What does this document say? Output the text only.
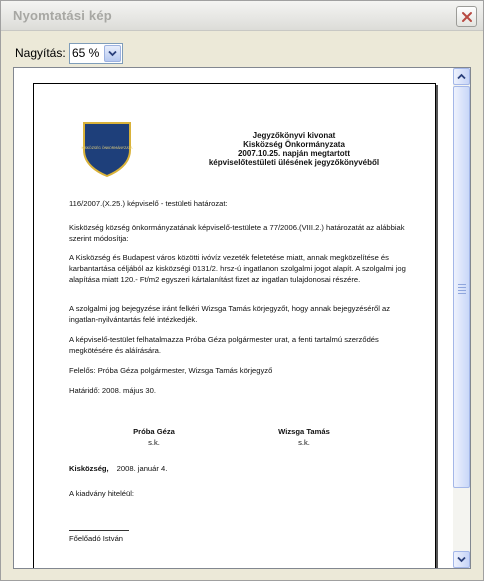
Nyomtatási kép
Nagyítás: 65 %
KISKÖZSÉG ÖNKORMÁNYZATA
Jegyzőkönyvi kivonat
Kisközség Önkormányzata
2007.10.25. napján megtartott
képviselőtestületi ülésének jegyzőkönyvéből
116/2007.(X.25.) képviselő - testületi határozat:
Kisközség község önkormányzatának képviselő-testülete a 77/2006.(VIII.2.) határozatát az alábbiak szerint módosítja:
A Kisközség és Budapest város közötti ivóvíz vezeték feletetése miatt, annak megközelítése és karbantartása céljából az kisközségi 0131/2. hrsz-ú ingatlanon szolgalmi jogot alapít. A szolgalmi jog alapítása miatt 120.- Ft/m2 egyszeri kártalanítást fizet az ingatlan tulajdonosai részére.
A szolgalmi jog bejegyzése iránt felkéri Wizsga Tamás körjegyzőt, hogy annak bejegyzéséről az ingatlan-nyilvántartás felé intézkedjék.
A képviselő-testület felhatalmazza Próba Géza polgármester urat, a fenti tartalmú szerződés megkötésére és aláírására.
Felelős: Próba Géza polgármester, Wizsga Tamás körjegyző
Határidő: 2008. május 30.
Próba Géza
s.k.
Wizsga Tamás
s.k.
Kisközség, 2008. január 4.
A kiadvány hiteléül:
Főelőadó István
